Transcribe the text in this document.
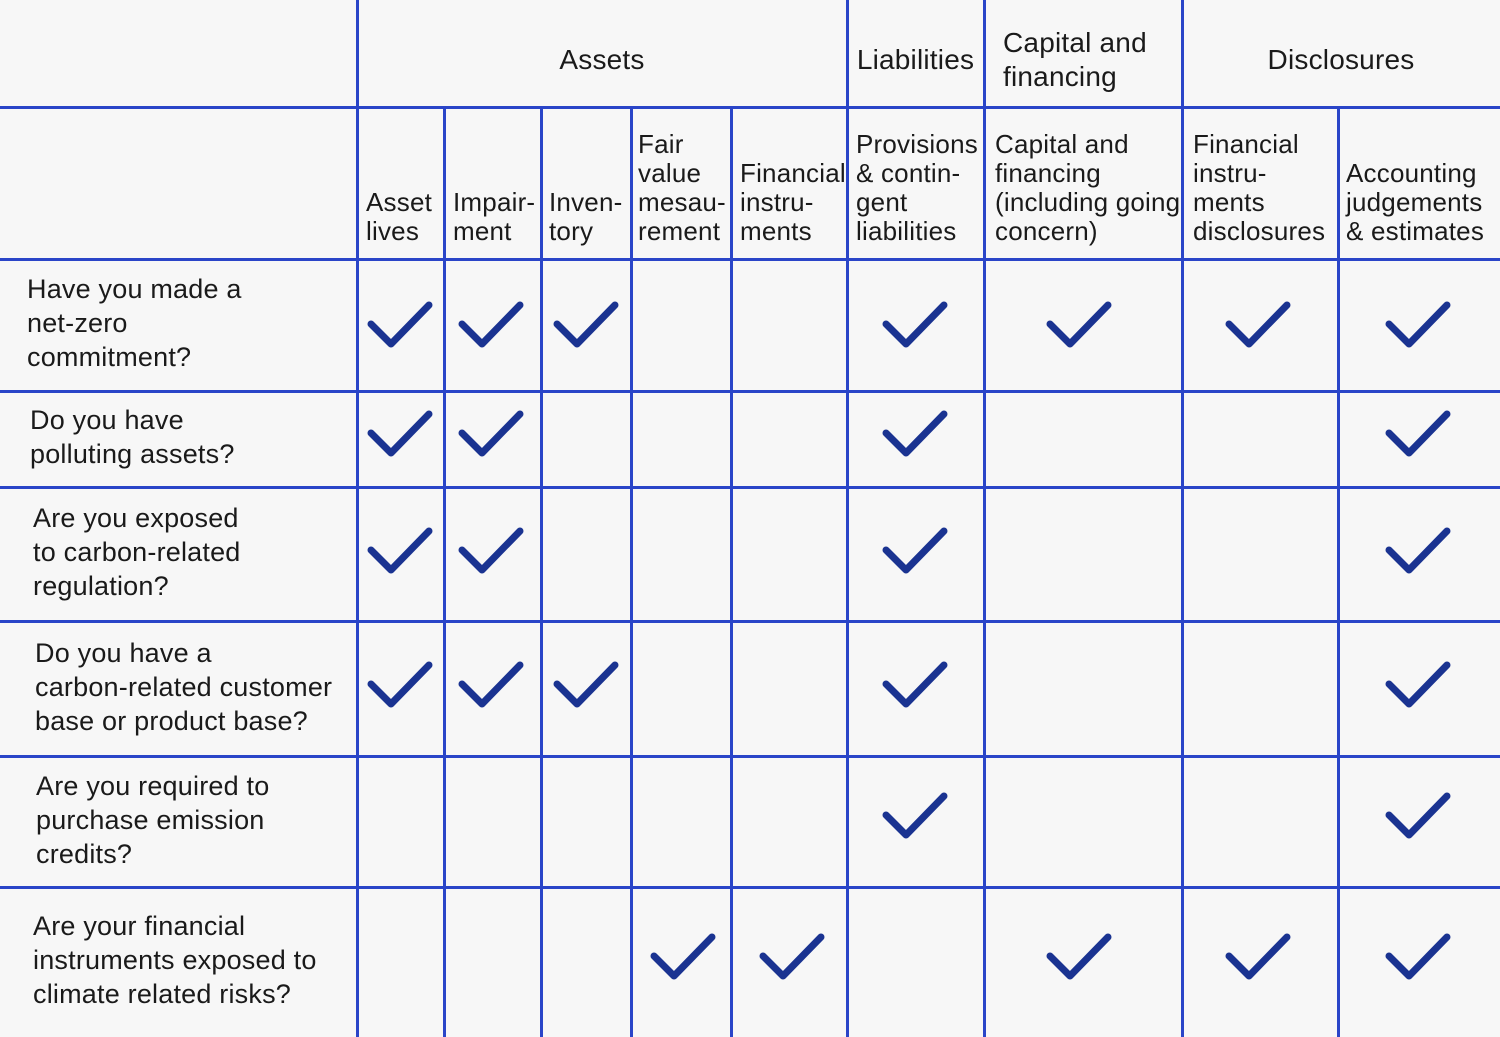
Assets	Liabilities
Capital and
financing
Disclosures
Asset
lives
Impair-
ment
Inven-
tory
Fair
value
mesau-
rement
Financial
instru-
ments
Provisions
& contin-
gent
liabilities
Capital and
financing
(including going
concern)
Financial
instru-
ments
disclosures
Accounting
judgements
& estimates
Have you made a
net-zero
commitment?
Do you have
polluting assets?
Are you exposed
to carbon-related
regulation?
Do you have a
carbon-related customer
base or product base?
Are you required to
purchase emission
credits?
Are your financial
instruments exposed to
climate related risks?
